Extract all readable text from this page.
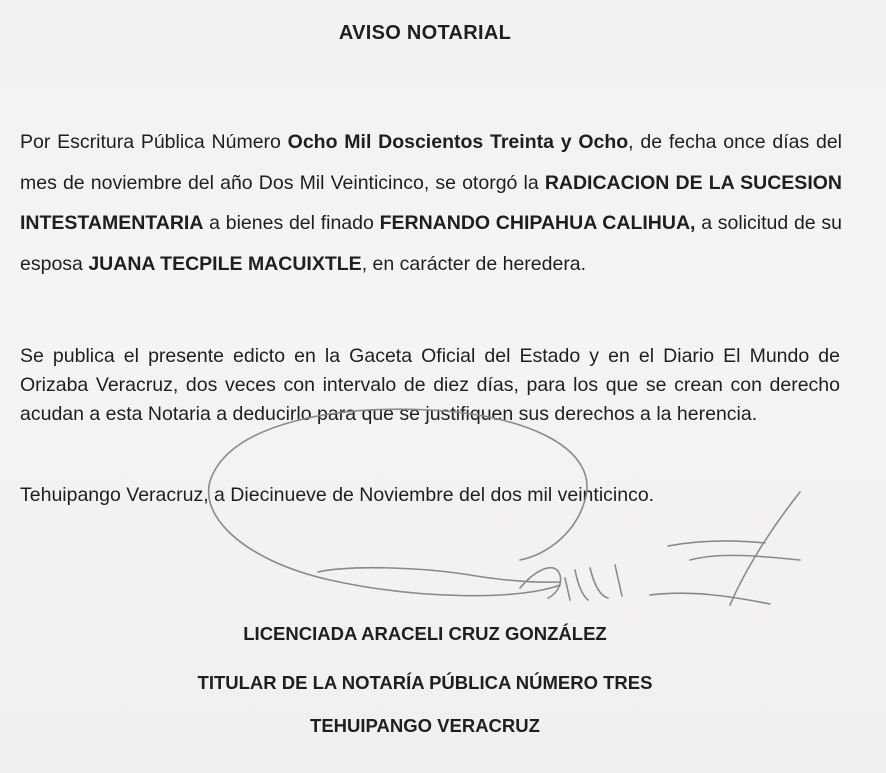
AVISO NOTARIAL
Por Escritura Pública Número Ocho Mil Doscientos Treinta y Ocho, de fecha once días del mes de noviembre del año Dos Mil Veinticinco, se otorgó la RADICACION DE LA SUCESION INTESTAMENTARIA a bienes del finado FERNANDO CHIPAHUA CALIHUA, a solicitud de su esposa JUANA TECPILE MACUIXTLE, en carácter de heredera.
Se publica el presente edicto en la Gaceta Oficial del Estado y en el Diario El Mundo de Orizaba Veracruz, dos veces con intervalo de diez días, para los que se crean con derecho acudan a esta Notaria a deducirlo para que se justifiquen sus derechos a la herencia.
Tehuipango Veracruz, a Diecinueve de Noviembre del dos mil veinticinco.
LICENCIADA ARACELI CRUZ GONZÁLEZ
TITULAR DE LA NOTARÍA PÚBLICA NÚMERO TRES
TEHUIPANGO VERACRUZ
